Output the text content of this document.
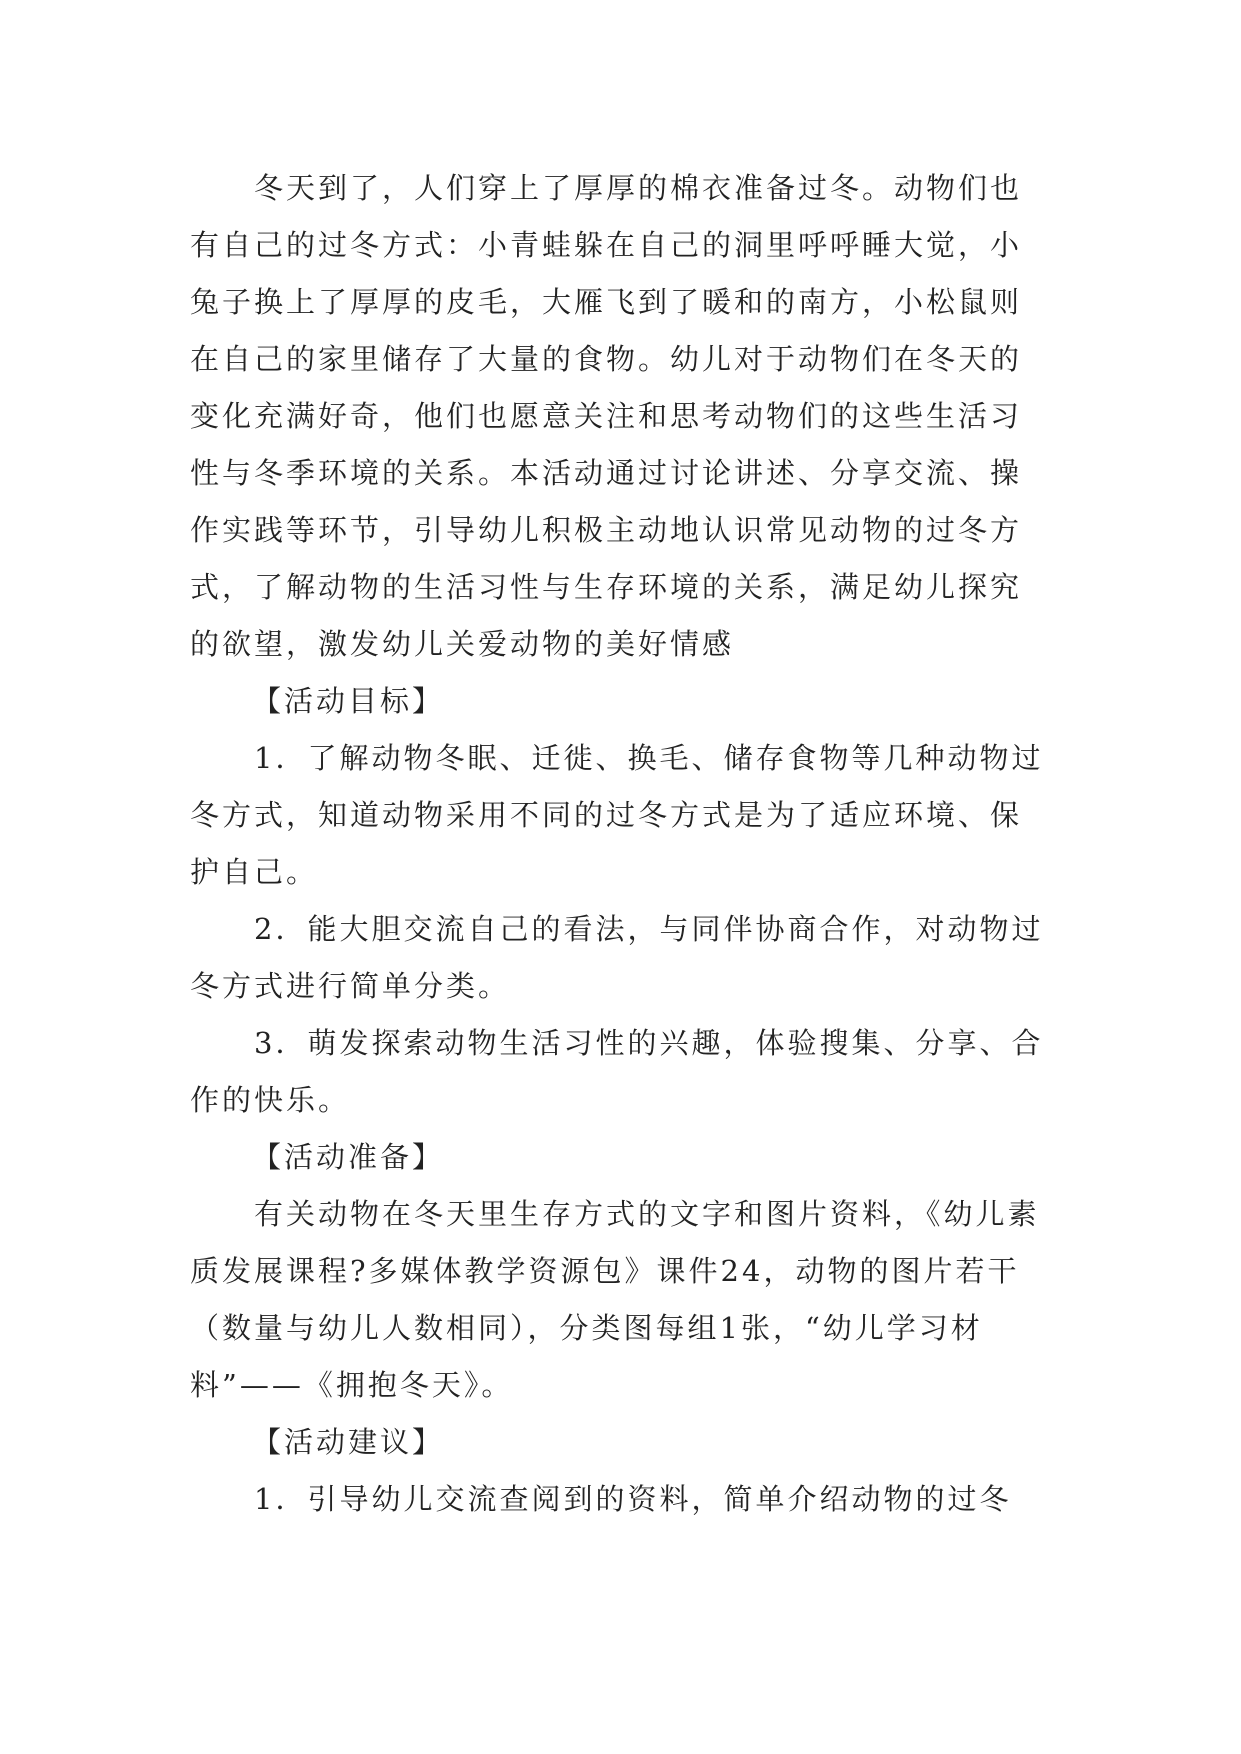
冬天到了，人们穿上了厚厚的棉衣准备过冬。动物们也有自己的过冬方式：小青蛙躲在自己的洞里呼呼睡大觉，小兔子换上了厚厚的皮毛，大雁飞到了暖和的南方，小松鼠则在自己的家里储存了大量的食物。幼儿对于动物们在冬天的变化充满好奇，他们也愿意关注和思考动物们的这些生活习性与冬季环境的关系。本活动通过讨论讲述、分享交流、操作实践等环节，引导幼儿积极主动地认识常见动物的过冬方式，了解动物的生活习性与生存环境的关系，满足幼儿探究的欲望，激发幼儿关爱动物的美好情感

【活动目标】

1．了解动物冬眠、迁徙、换毛、储存食物等几种动物过冬方式，知道动物采用不同的过冬方式是为了适应环境、保护自己。

2．能大胆交流自己的看法，与同伴协商合作，对动物过冬方式进行简单分类。

3．萌发探索动物生活习性的兴趣，体验搜集、分享、合作的快乐。

【活动准备】

有关动物在冬天里生存方式的文字和图片资料，《幼儿素质发展课程?多媒体教学资源包》课件24，动物的图片若干（数量与幼儿人数相同），分类图每组1张，“幼儿学习材料”——《拥抱冬天》。

【活动建议】

1．引导幼儿交流查阅到的资料，简单介绍动物的过冬
